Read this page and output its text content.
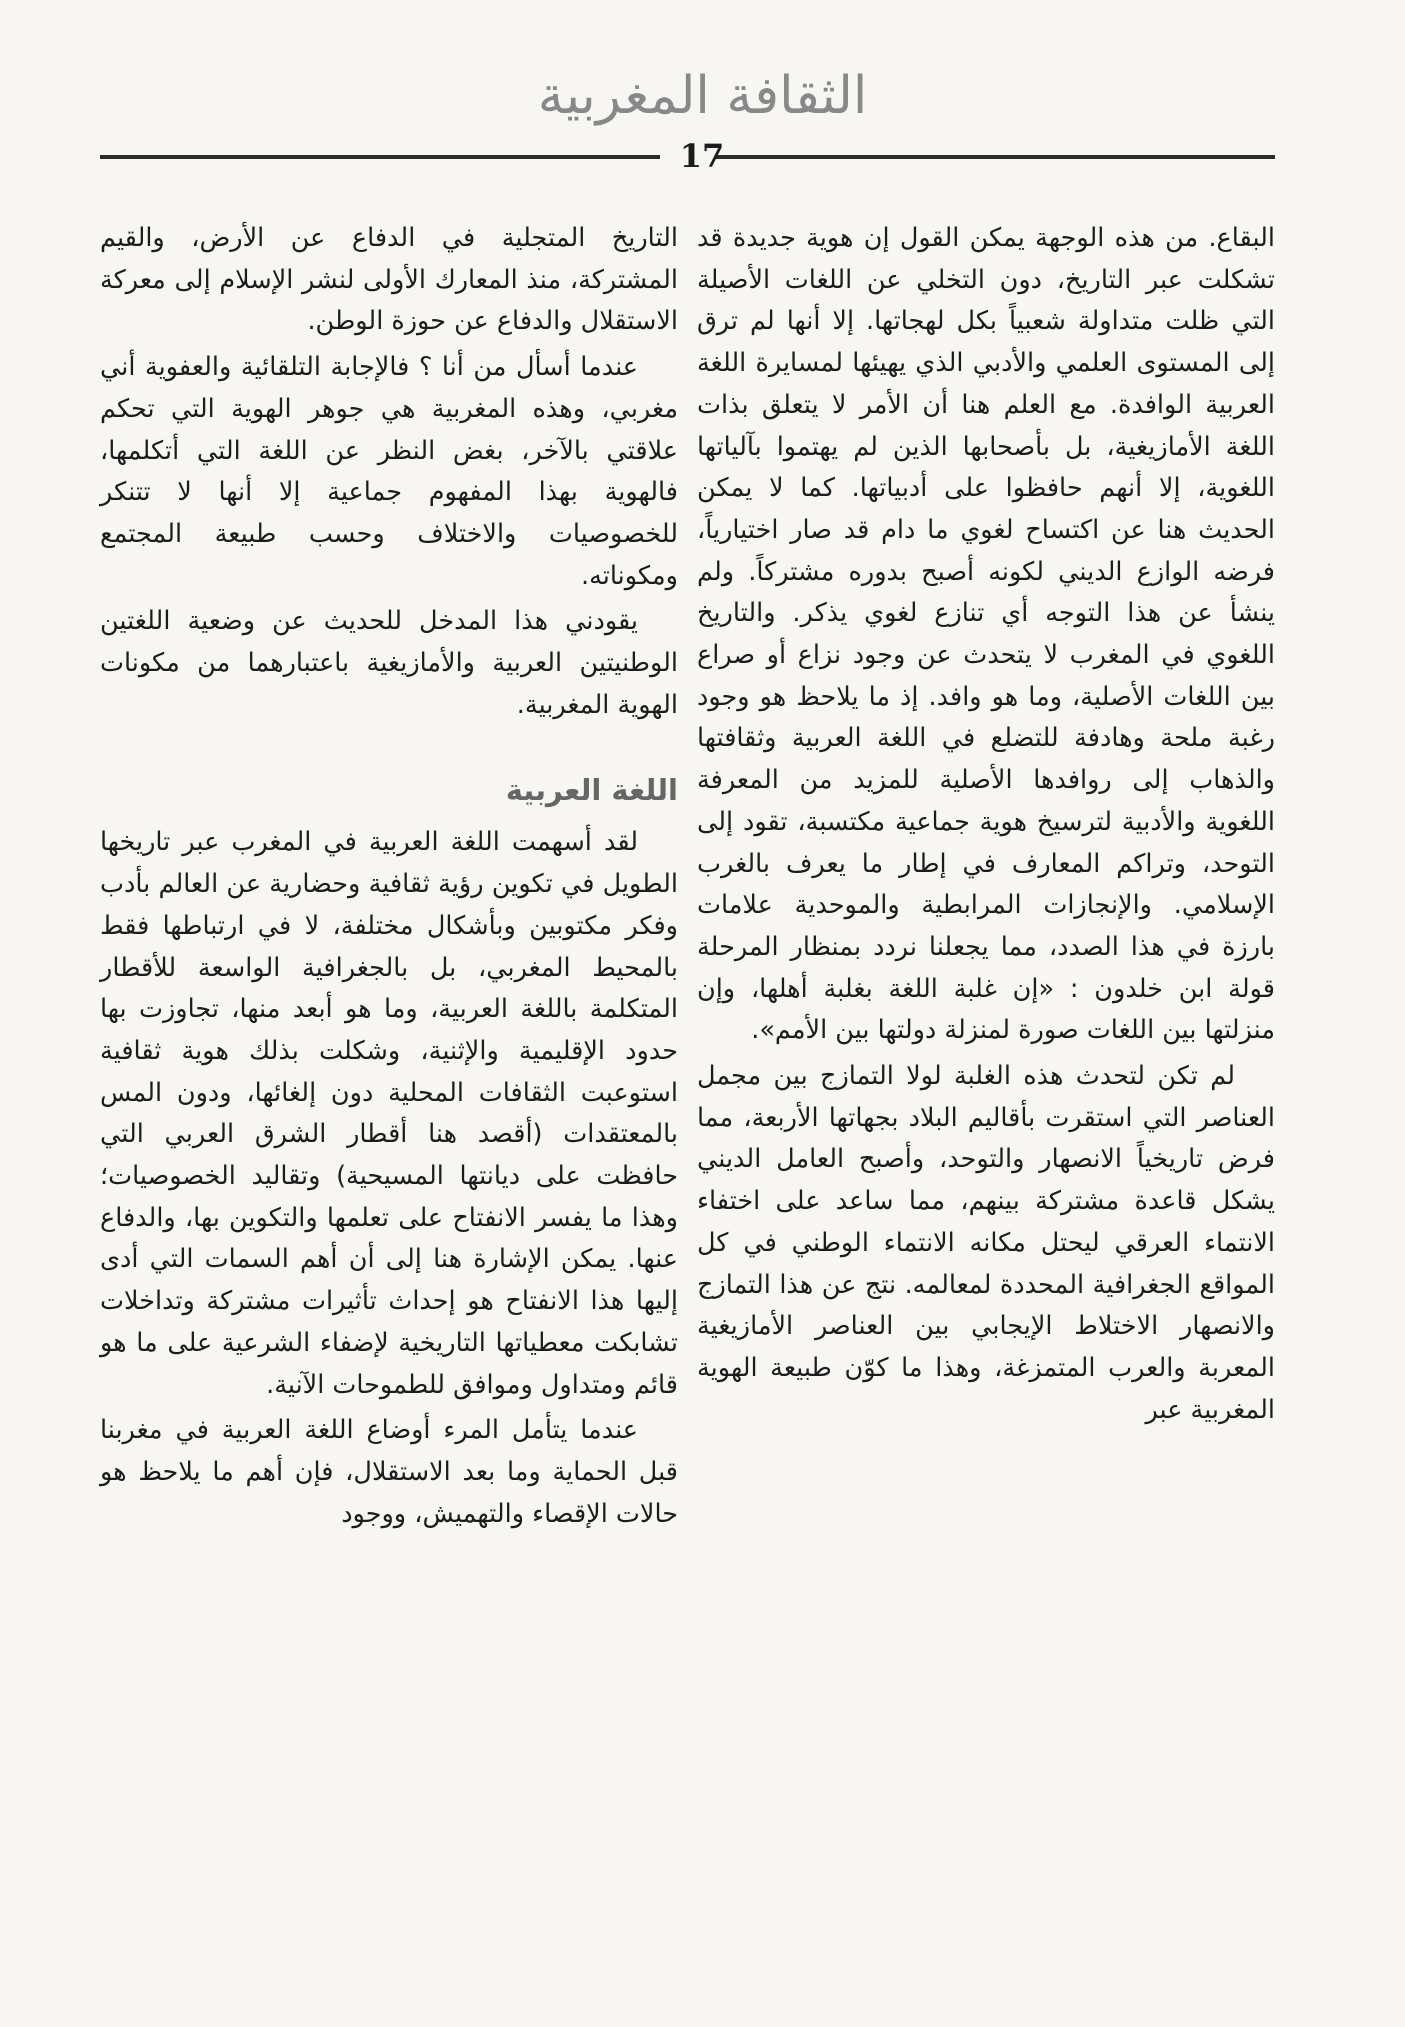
الثقافة المغربية
17

البقاع. من هذه الوجهة يمكن القول إن هوية جديدة قد تشكلت عبر التاريخ، دون التخلي عن اللغات الأصيلة التي ظلت متداولة شعبياً بكل لهجاتها. إلا أنها لم ترق إلى المستوى العلمي والأدبي الذي يهيئها لمسايرة اللغة العربية الوافدة. مع العلم هنا أن الأمر لا يتعلق بذات اللغة الأمازيغية، بل بأصحابها الذين لم يهتموا بآلياتها اللغوية، إلا أنهم حافظوا على أدبياتها. كما لا يمكن الحديث هنا عن اكتساح لغوي ما دام قد صار اختيارياً، فرضه الوازع الديني لكونه أصبح بدوره مشتركاً. ولم ينشأ عن هذا التوجه أي تنازع لغوي يذكر. والتاريخ اللغوي في المغرب لا يتحدث عن وجود نزاع أو صراع بين اللغات الأصلية، وما هو وافد. إذ ما يلاحظ هو وجود رغبة ملحة وهادفة للتضلع في اللغة العربية وثقافتها والذهاب إلى روافدها الأصلية للمزيد من المعرفة اللغوية والأدبية لترسيخ هوية جماعية مكتسبة، تقود إلى التوحد، وتراكم المعارف في إطار ما يعرف بالغرب الإسلامي. والإنجازات المرابطية والموحدية علامات بارزة في هذا الصدد، مما يجعلنا نردد بمنظار المرحلة قولة ابن خلدون : «إن غلبة اللغة بغلبة أهلها، وإن منزلتها بين اللغات صورة لمنزلة دولتها بين الأمم».

لم تكن لتحدث هذه الغلبة لولا التمازج بين مجمل العناصر التي استقرت بأقاليم البلاد بجهاتها الأربعة، مما فرض تاريخياً الانصهار والتوحد، وأصبح العامل الديني يشكل قاعدة مشتركة بينهم، مما ساعد على اختفاء الانتماء العرقي ليحتل مكانه الانتماء الوطني في كل المواقع الجغرافية المحددة لمعالمه. نتج عن هذا التمازج والانصهار الاختلاط الإيجابي بين العناصر الأمازيغية المعربة والعرب المتمزغة، وهذا ما كوّن طبيعة الهوية المغربية عبر

التاريخ المتجلية في الدفاع عن الأرض، والقيم المشتركة، منذ المعارك الأولى لنشر الإسلام إلى معركة الاستقلال والدفاع عن حوزة الوطن.

عندما أسأل من أنا ؟ فالإجابة التلقائية والعفوية أني مغربي، وهذه المغربية هي جوهر الهوية التي تحكم علاقتي بالآخر، بغض النظر عن اللغة التي أتكلمها، فالهوية بهذا المفهوم جماعية إلا أنها لا تتنكر للخصوصيات والاختلاف وحسب طبيعة المجتمع ومكوناته.

يقودني هذا المدخل للحديث عن وضعية اللغتين الوطنيتين العربية والأمازيغية باعتبارهما من مكونات الهوية المغربية.

اللغة العربية

لقد أسهمت اللغة العربية في المغرب عبر تاريخها الطويل في تكوين رؤية ثقافية وحضارية عن العالم بأدب وفكر مكتوبين وبأشكال مختلفة، لا في ارتباطها فقط بالمحيط المغربي، بل بالجغرافية الواسعة للأقطار المتكلمة باللغة العربية، وما هو أبعد منها، تجاوزت بها حدود الإقليمية والإثنية، وشكلت بذلك هوية ثقافية استوعبت الثقافات المحلية دون إلغائها، ودون المس بالمعتقدات (أقصد هنا أقطار الشرق العربي التي حافظت على ديانتها المسيحية) وتقاليد الخصوصيات؛ وهذا ما يفسر الانفتاح على تعلمها والتكوين بها، والدفاع عنها. يمكن الإشارة هنا إلى أن أهم السمات التي أدى إليها هذا الانفتاح هو إحداث تأثيرات مشتركة وتداخلات تشابكت معطياتها التاريخية لإضفاء الشرعية على ما هو قائم ومتداول وموافق للطموحات الآنية.

عندما يتأمل المرء أوضاع اللغة العربية في مغربنا قبل الحماية وما بعد الاستقلال، فإن أهم ما يلاحظ هو حالات الإقصاء والتهميش، ووجود
